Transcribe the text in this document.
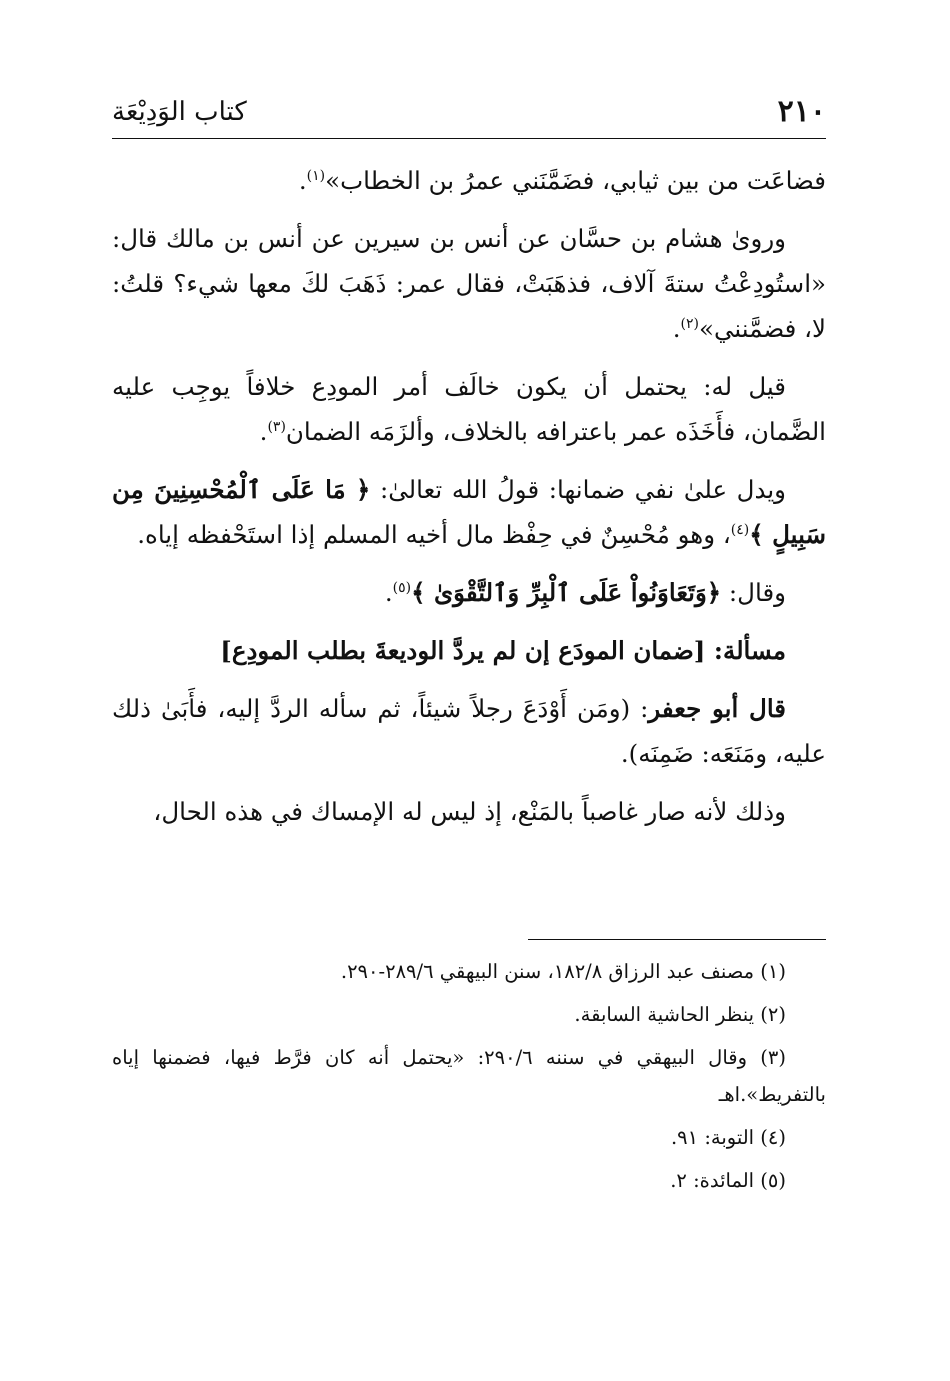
٢١٠
كتاب الوَدِيْعَة

فضاعَت من بين ثيابي، فضَمَّنَني عمرُ بن الخطاب»$^{(١)}$.

وروىٰ هشام بن حسَّان عن أنس بن سيرين عن أنس بن مالك قال: «استُودِعْتُ ستةَ آلاف، فذهَبَتْ، فقال عمر: ذَهَبَ لكَ معها شيء؟ قلتُ: لا، فضمَّنني»$^{(٢)}$.

قيل له: يحتمل أن يكون خالَف أمر المودِع خلافاً يوجِب عليه الضَّمان، فأَخَذَه عمر باعترافه بالخلاف، وألزَمَه الضمان$^{(٣)}$.

ويدل علىٰ نفي ضمانها: قولُ الله تعالىٰ: ﴿ مَا عَلَى ٱلْمُحْسِنِينَ مِن سَبِيلٍ ﴾$^{(٤)}$، وهو مُحْسِنٌ في حِفْظ مال أخيه المسلم إذا استَحْفظه إياه.

وقال: ﴿وَتَعَاوَنُواْ عَلَى ٱلْبِرِّ وَٱلتَّقْوَىٰ ﴾$^{(٥)}$.

مسألة: [ضمان المودَع إن لم يردَّ الوديعةَ بطلب المودِع]

قال أبو جعفر: (ومَن أَوْدَعَ رجلاً شيئاً، ثم سأله الردَّ إليه، فأَبَىٰ ذلك عليه، ومَنَعَه: ضَمِنَه).

وذلك لأنه صار غاصباً بالمَنْع، إذ ليس له الإمساك في هذه الحال،

(١) مصنف عبد الرزاق ١٨٢/٨، سنن البيهقي ٢٨٩/٦-٢٩٠.

(٢) ينظر الحاشية السابقة.

(٣) وقال البيهقي في سننه ٢٩٠/٦: «يحتمل أنه كان فرَّط فيها، فضمنها إياه بالتفريط».اهـ

(٤) التوبة: ٩١.

(٥) المائدة: ٢.
